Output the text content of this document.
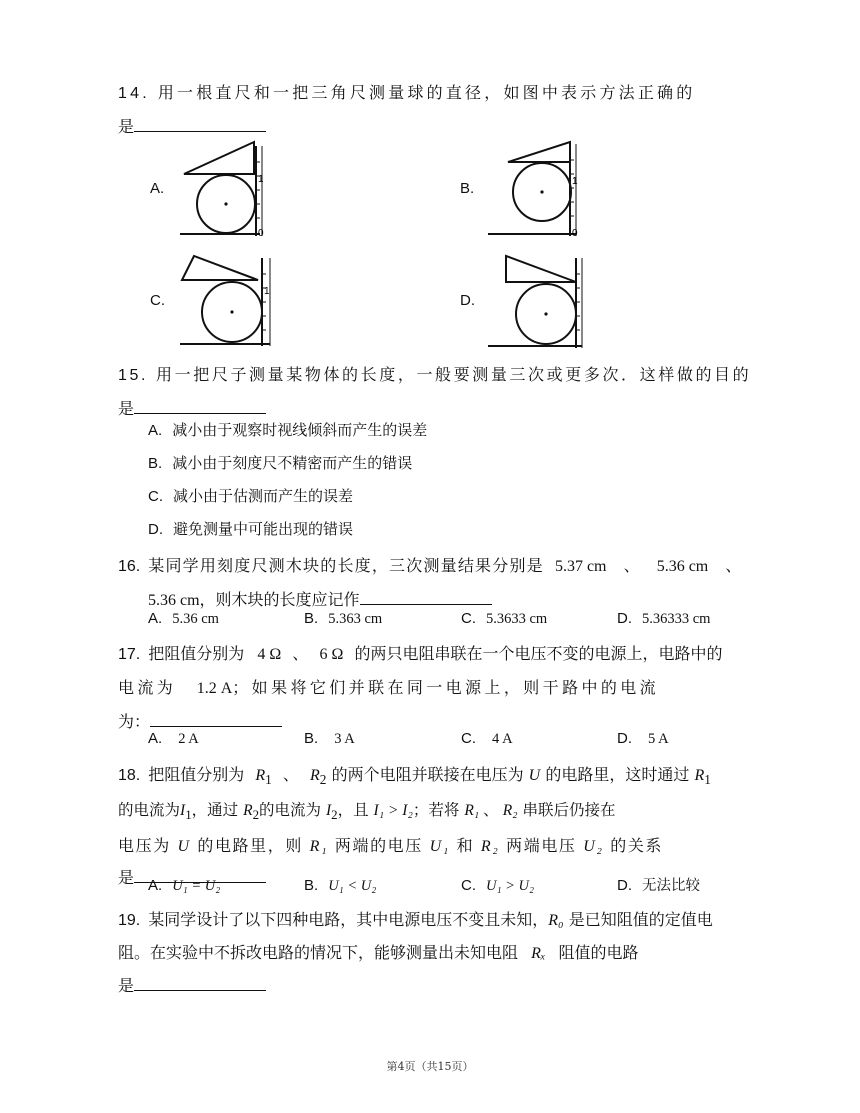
14. 用一根直尺和一把三角尺测量球的直径，如图中表示方法正确的
是
A.
1
0
B.	1
0
C.
1
D.
15. 用一把尺子测量某物体的长度，一般要测量三次或更多次．这样做的目的
是
A. 减小由于观察时视线倾斜而产生的误差
B. 减小由于刻度尺不精密而产生的错误
C. 减小由于估测而产生的误差
D. 避免测量中可能出现的错误
16. 某同学用刻度尺测木块的长度，三次测量结果分别是 5.37 cm 、 5.36 cm 、
5.36 cm，则木块的长度应记作
A. 5.36 cm	B. 5.363 cm	C. 5.3633 cm	D. 5.36333 cm
17. 把阻值分别为 4 Ω 、 6 Ω 的两只电阻串联在一个电压不变的电源上，电路中的
电流为 1.2 A；如果将它们并联在同一电源上，则干路中的电流
为：
A. 2 A	B. 3 A	C. 4 A	D. 5 A
18. 把阻值分别为 $R_1$ 、 $R_2$ 的两个电阻并联接在电压为 U 的电路里，这时通过 $R_1$
的电流为$I_1$，通过 $R_2$的电流为 $I_2$，且 I₁ > I₂；若将 R₁ 、 R₂ 串联后仍接在
电压为 U 的电路里，则 R₁ 两端的电压 U₁ 和 R₂ 两端电压 U₂ 的关系
是 A. U₁ = U₂	B. U₁ < U₂	C. U₁ > U₂	D. 无法比较
19. 某同学设计了以下四种电路，其中电源电压不变且未知，R₀ 是已知阻值的定值电
阻。在实验中不拆改电路的情况下，能够测量出未知电阻 Rₓ 阻值的电路
是
第4页（共15页）
